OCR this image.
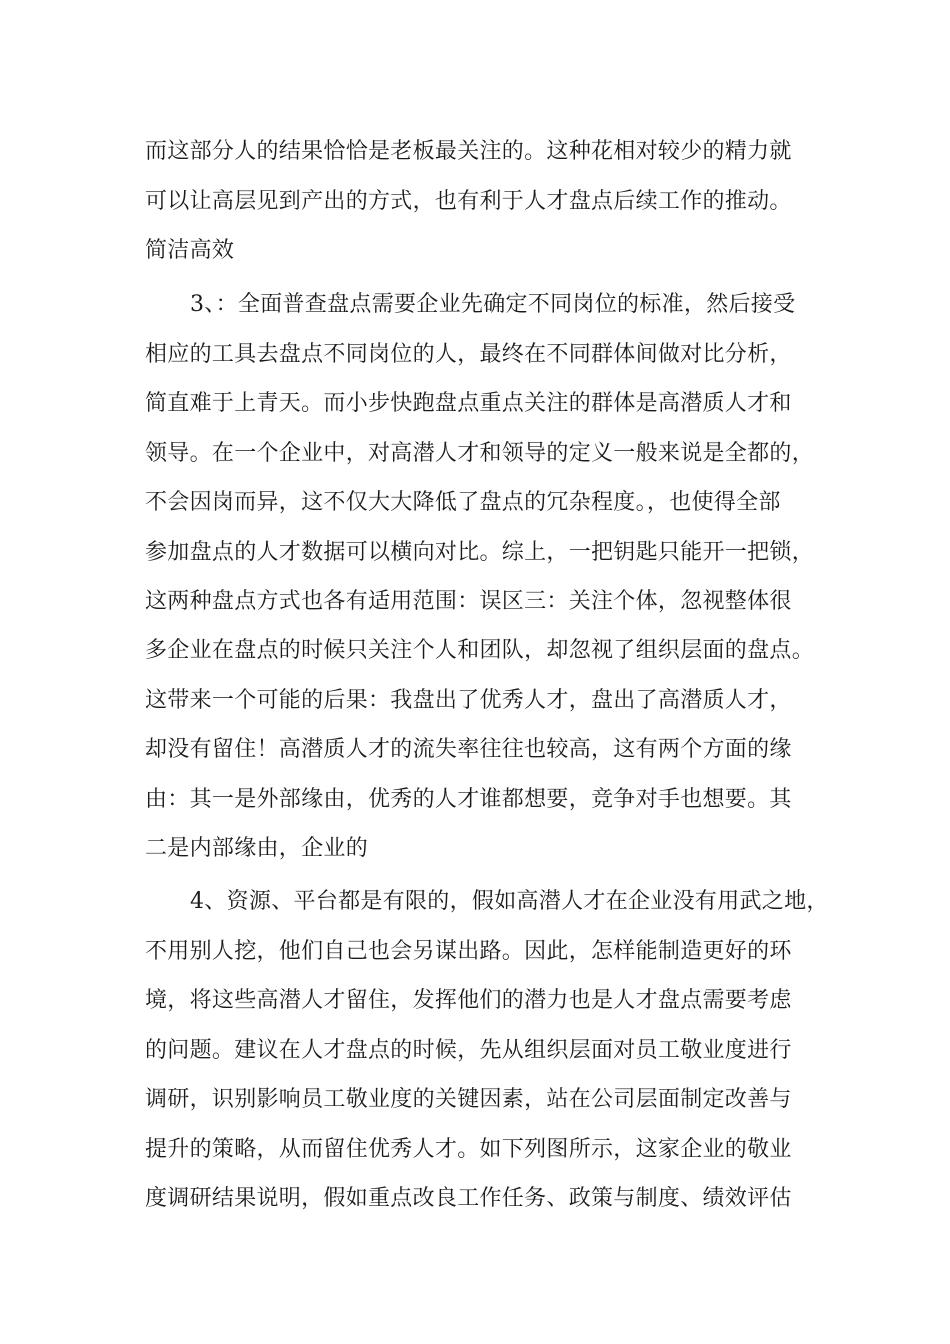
而这部分人的结果恰恰是老板最关注的。这种花相对较少的精力就
可以让高层见到产出的方式，也有利于人才盘点后续工作的推动。
简洁高效
3、：全面普查盘点需要企业先确定不同岗位的标准，然后接受
相应的工具去盘点不同岗位的人，最终在不同群体间做对比分析，
简直难于上青天。而小步快跑盘点重点关注的群体是高潜质人才和
领导。在一个企业中，对高潜人才和领导的定义一般来说是全都的，
不会因岗而异，这不仅大大降低了盘点的冗杂程度。，也使得全部
参加盘点的人才数据可以横向对比。综上，一把钥匙只能开一把锁，
这两种盘点方式也各有适用范围：误区三：关注个体，忽视整体很
多企业在盘点的时候只关注个人和团队，却忽视了组织层面的盘点。
这带来一个可能的后果：我盘出了优秀人才，盘出了高潜质人才，
却没有留住！高潜质人才的流失率往往也较高，这有两个方面的缘
由：其一是外部缘由，优秀的人才谁都想要，竞争对手也想要。其
二是内部缘由，企业的
4、资源、平台都是有限的，假如高潜人才在企业没有用武之地，
不用别人挖，他们自己也会另谋出路。因此，怎样能制造更好的环
境，将这些高潜人才留住，发挥他们的潜力也是人才盘点需要考虑
的问题。建议在人才盘点的时候，先从组织层面对员工敬业度进行
调研，识别影响员工敬业度的关键因素，站在公司层面制定改善与
提升的策略，从而留住优秀人才。如下列图所示，这家企业的敬业
度调研结果说明，假如重点改良工作任务、政策与制度、绩效评估
